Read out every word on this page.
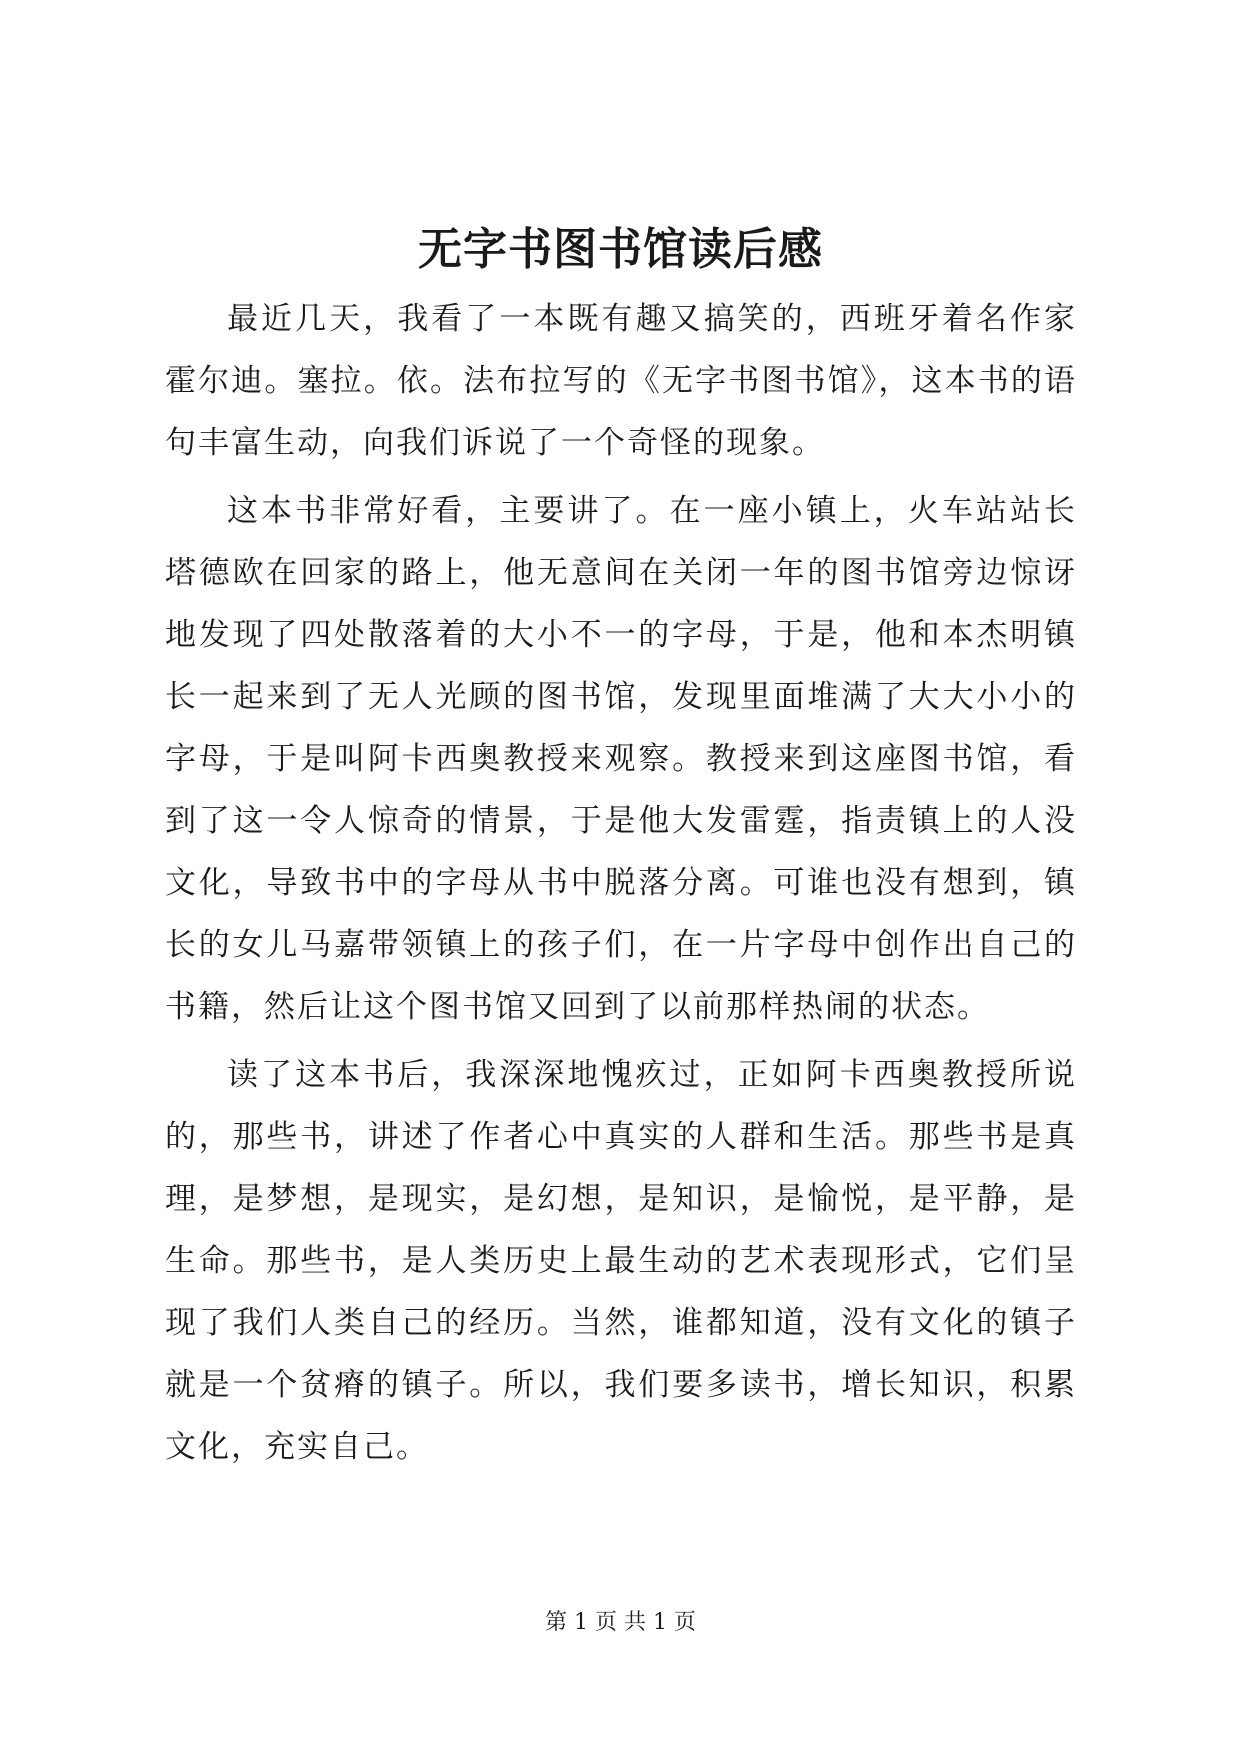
无字书图书馆读后感

最近几天，我看了一本既有趣又搞笑的，西班牙着名作家霍尔迪。塞拉。依。法布拉写的《无字书图书馆》，这本书的语句丰富生动，向我们诉说了一个奇怪的现象。

这本书非常好看，主要讲了。在一座小镇上，火车站站长塔德欧在回家的路上，他无意间在关闭一年的图书馆旁边惊讶地发现了四处散落着的大小不一的字母，于是，他和本杰明镇长一起来到了无人光顾的图书馆，发现里面堆满了大大小小的字母，于是叫阿卡西奥教授来观察。教授来到这座图书馆，看到了这一令人惊奇的情景，于是他大发雷霆，指责镇上的人没文化，导致书中的字母从书中脱落分离。可谁也没有想到，镇长的女儿马嘉带领镇上的孩子们，在一片字母中创作出自己的书籍，然后让这个图书馆又回到了以前那样热闹的状态。

读了这本书后，我深深地愧疚过，正如阿卡西奥教授所说的，那些书，讲述了作者心中真实的人群和生活。那些书是真理，是梦想，是现实，是幻想，是知识，是愉悦，是平静，是生命。那些书，是人类历史上最生动的艺术表现形式，它们呈现了我们人类自己的经历。当然，谁都知道，没有文化的镇子就是一个贫瘠的镇子。所以，我们要多读书，增长知识，积累文化，充实自己。

第 1 页 共 1 页
